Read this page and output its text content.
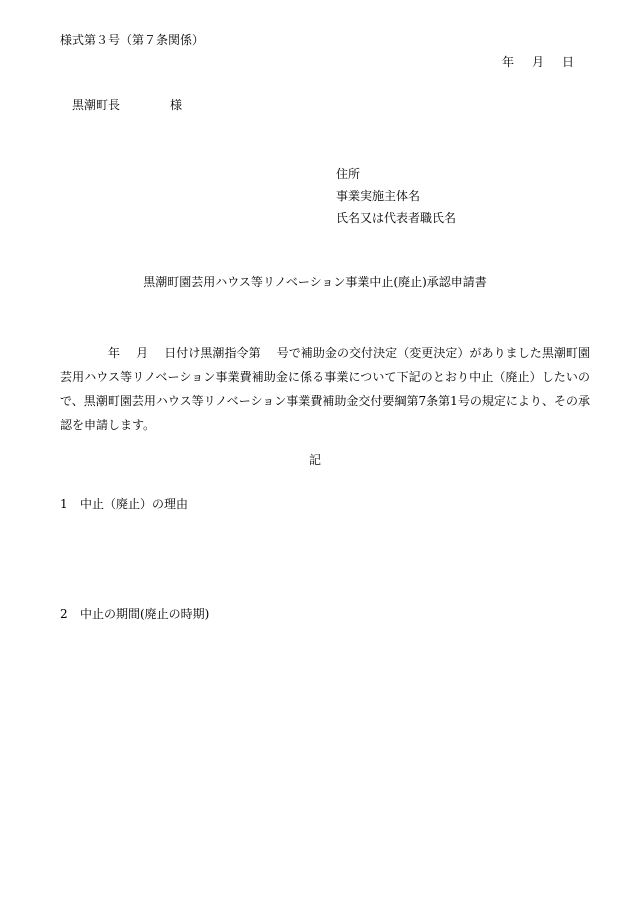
様式第３号（第７条関係）
年 月 日
黒潮町長	様
住所
事業実施主体名
氏名又は代表者職氏名
黒潮町園芸用ハウス等リノベーション事業中止(廃止)承認申請書
年 月 日付け黒潮指令第 号で補助金の交付決定（変更決定）がありました黒潮町園芸用ハウス等リノベーション事業費補助金に係る事業について下記のとおり中止（廃止）したいので、黒潮町園芸用ハウス等リノベーション事業費補助金交付要綱第7条第1号の規定により、その承認を申請します。
記
1 中止（廃止）の理由
2 中止の期間(廃止の時期)
